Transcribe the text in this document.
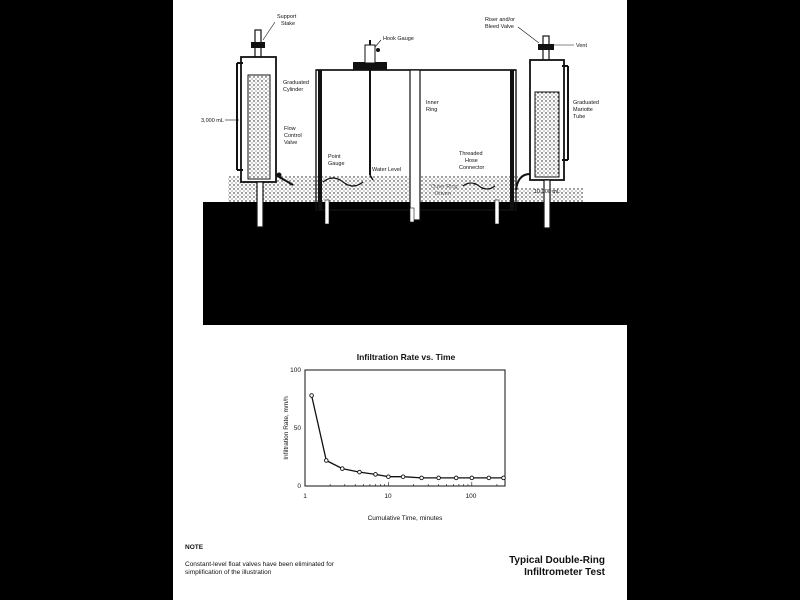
Support
Stake
Hook Gauge
Riser and/or
Bleed Valve
Vent
Graduated
Cylinder
Flow
Control
Valve
3,000 mL
Inner
Ring
Graduated
Mariotte
Tube
Point
Gauge
Water Level
Threaded
Hose
Connector
10,000 mL
Outer Ring
Driven
Infiltration Rate vs. Time
100
50
0
1	10	100
Cumulative Time, minutes
Infiltration Rate, mm/h
NOTE
Constant-level float valves have been eliminated for
simplification of the illustration
Typical Double-Ring
Infiltrometer Test
